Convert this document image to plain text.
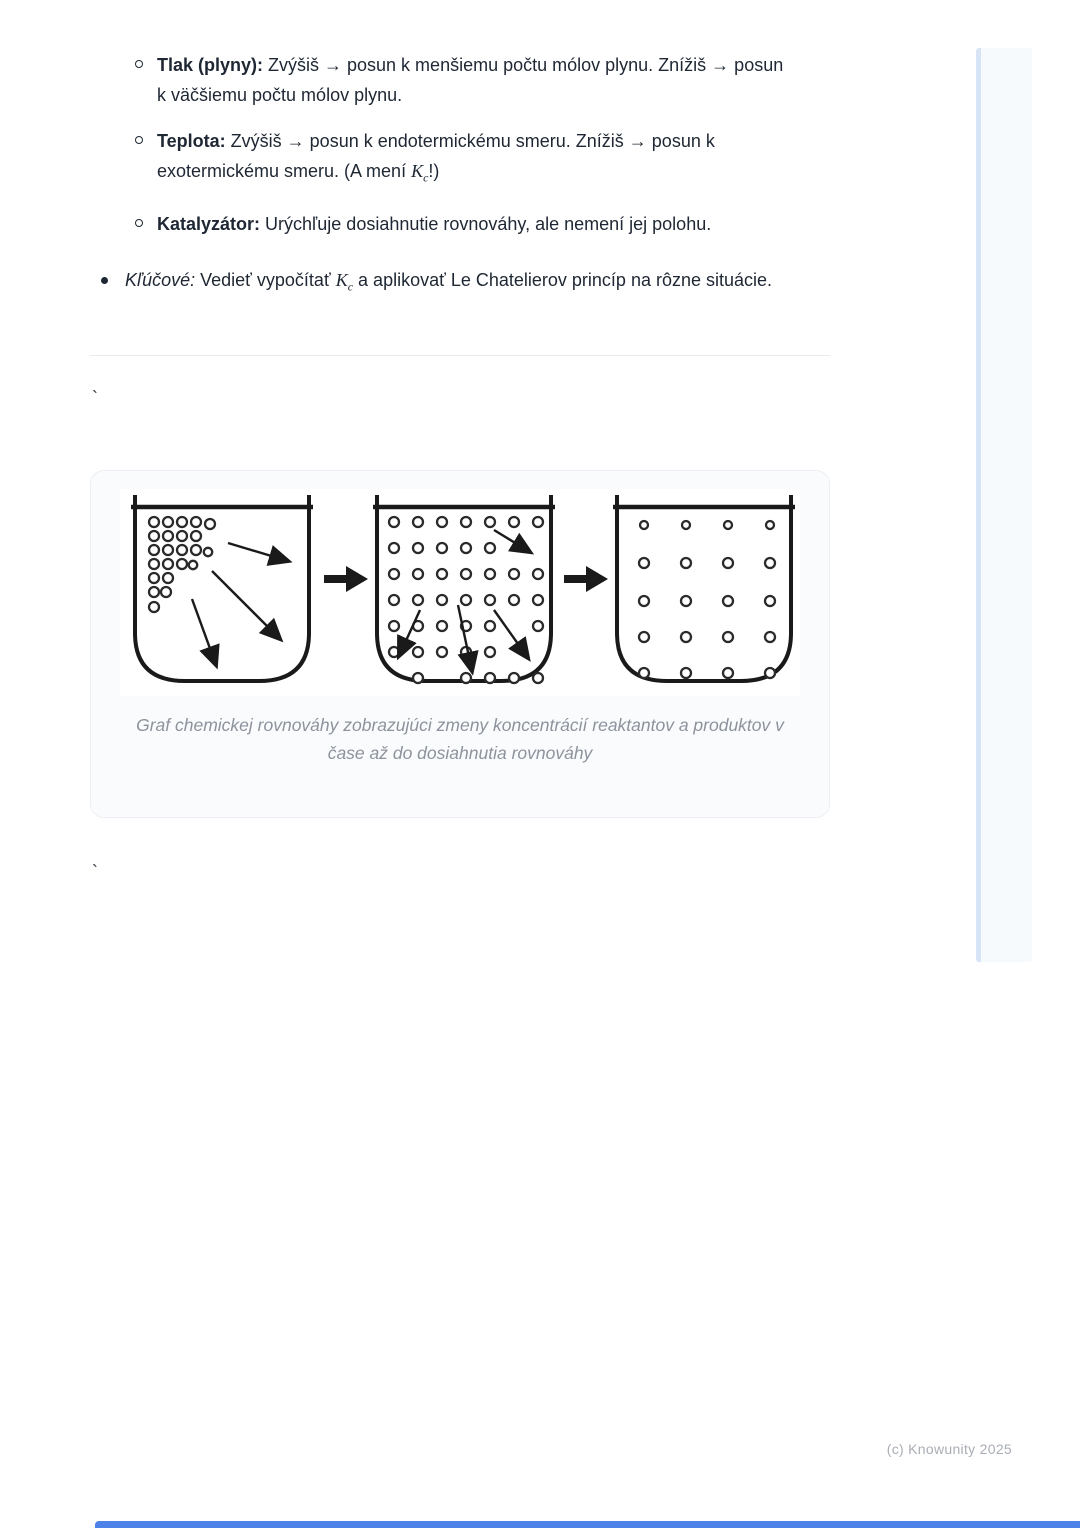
Tlak (plyny): Zvýšiš → posun k menšiemu počtu mólov plynu. Znížiš → posun k väčšiemu počtu mólov plynu.
Teplota: Zvýšiš → posun k endotermickému smeru. Znížiš → posun k exotermickému smeru. (A mení $K_c$!)
Katalyzátor: Urýchľuje dosiahnutie rovnováhy, ale nemení jej polohu.
Kľúčové: Vedieť vypočítať $K_c$ a aplikovať Le Chatelierov princíp na rôzne situácie.
`
Graf chemickej rovnováhy zobrazujúci zmeny koncentrácií reaktantov a produktov v čase až do dosiahnutia rovnováhy
`
(c) Knowunity 2025
